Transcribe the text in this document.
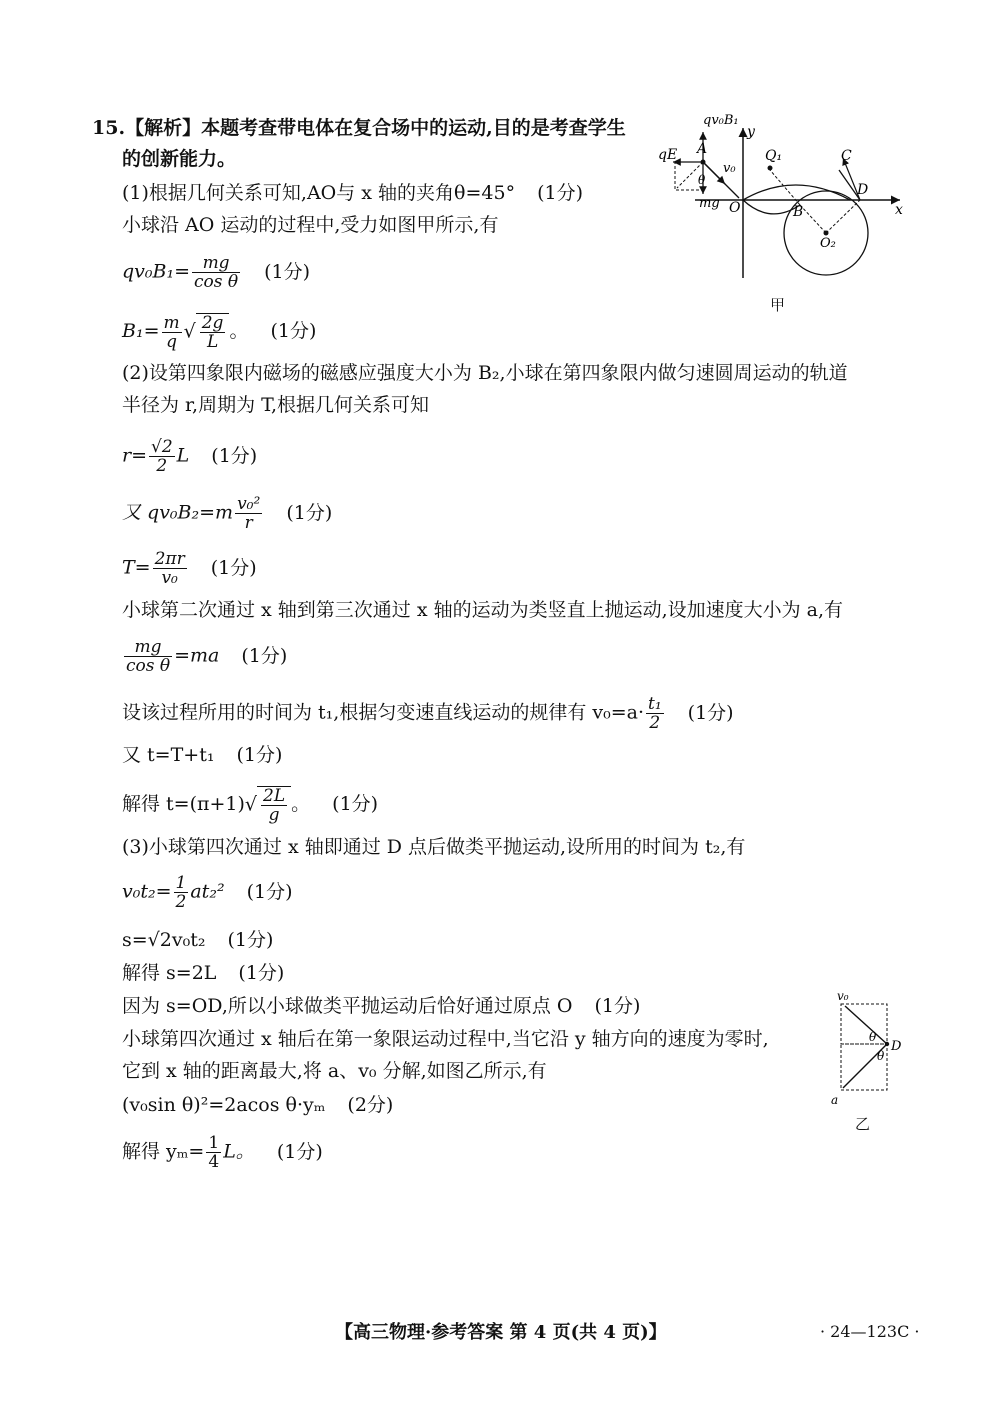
15.【解析】本题考查带电体在复合场中的运动,目的是考查学生
的创新能力。
(1)根据几何关系可知,AO与 x 轴的夹角θ=45° (1分)
小球沿 AO 运动的过程中,受力如图甲所示,有
$qv_0B_1= \frac{mg}{\text{cos θ}} (1$分)
$B_1= \frac{m}{q}$ √ $\frac{2g}{L}$ 。 (1分)
(2)设第四象限内磁场的磁感应强度大小为 B₂,小球在第四象限内做匀速圆周运动的轨道
半径为 r,周期为 T,根据几何关系可知
$r= \frac{√2}{2}$ L (1分)
又 $qv_0B_2=m \frac{\text{v₀²}}{r} (1$分)
$T= \frac{2\pi r}{\text{v₀}} (1$分)
小球第二次通过 x 轴到第三次通过 x 轴的运动为类竖直上抛运动,设加速度大小为 a,有
$\frac{mg}{\text{cos θ}} =ma$ (1分)
设该过程所用的时间为 t₁,根据匀变速直线运动的规律有 $v_0=a\cdot \frac{\text{t₁}}{2} (1$分)
又 t=T+t₁ (1分)
解得 $t=(\pi+1)√ \frac{2L}{g}$ 。 (1分)
(3)小球第四次通过 x 轴即通过 D 点后做类平抛运动,设所用的时间为 t₂,有
$v_0t_2= \frac{1}{2} at_2^2$ (1分)
s=√2v₀t₂ (1分)
解得 s=2L (1分)
因为 s=OD,所以小球做类平抛运动后恰好通过原点 O (1分)
小球第四次通过 x 轴后在第一象限运动过程中,当它沿 y 轴方向的速度为零时,
它到 x 轴的距离最大,将 a、v₀ 分解,如图乙所示,有
(v₀sin θ)²=2acos θ·yₘ (2分)
解得 $y_m= \frac{1}{4}$ L。 (1分)
qv₀B₁
y
qE A
v₀
θ
Q₁	C
mg O	B
D
x
O₂
甲
v₀
θ
D
θ
a
乙
【高三物理·参考答案 第 4 页(共 4 页)】	· 24—123C ·
